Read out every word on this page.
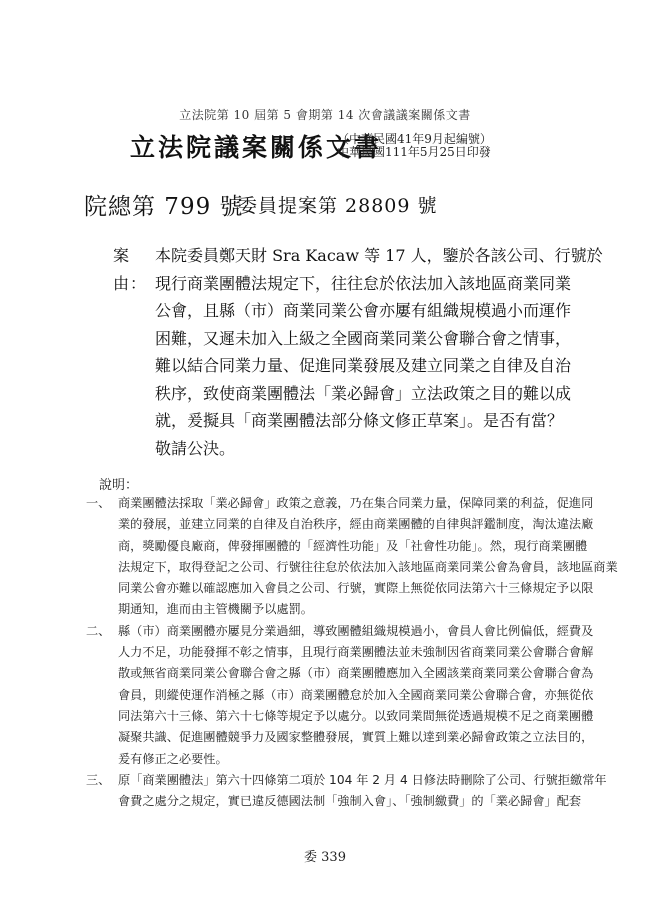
立法院第 10 屆第 5 會期第 14 次會議議案關係文書
立法院議案關係文書
（中華民國41年9月起編號）
中華民國111年5月25日印發
院總第 799 號
委員提案第 28809 號
案由：
本院委員鄭天財 Sra Kacaw 等 17 人，鑒於各該公司、行號於
現行商業團體法規定下，往往怠於依法加入該地區商業同業
公會，且縣（市）商業同業公會亦屢有組織規模過小而運作
困難，又遲未加入上級之全國商業同業公會聯合會之情事，
難以結合同業力量、促進同業發展及建立同業之自律及自治
秩序，致使商業團體法「業必歸會」立法政策之目的難以成
就，爰擬具「商業團體法部分條文修正草案」。是否有當？
敬請公決。
說明：
一、 商業團體法採取「業必歸會」政策之意義，乃在集合同業力量，保障同業的利益，促進同
業的發展，並建立同業的自律及自治秩序，經由商業團體的自律與評鑑制度，淘汰違法廠
商，獎勵優良廠商，俾發揮團體的「經濟性功能」及「社會性功能」。然，現行商業團體
法規定下，取得登記之公司、行號往往怠於依法加入該地區商業同業公會為會員，該地區商業
同業公會亦難以確認應加入會員之公司、行號，實際上無從依同法第六十三條規定予以限
期通知，進而由主管機關予以處罰。
二、 縣（市）商業團體亦屢見分業過細，導致團體組織規模過小，會員人會比例偏低，經費及
人力不足，功能發揮不彰之情事，且現行商業團體法並未強制因省商業同業公會聯合會解
散或無省商業同業公會聯合會之縣（市）商業團體應加入全國該業商業同業公會聯合會為
會員，則縱使運作消極之縣（市）商業團體怠於加入全國商業同業公會聯合會，亦無從依
同法第六十三條、第六十七條等規定予以處分。以致同業間無從透過規模不足之商業團體
凝聚共識、促進團體競爭力及國家整體發展，實質上難以達到業必歸會政策之立法目的，
爰有修正之必要性。
三、 原「商業團體法」第六十四條第二項於 104 年 2 月 4 日修法時刪除了公司、行號拒繳常年
會費之處分之規定，實已違反德國法制「強制入會」、「強制繳費」的「業必歸會」配套
委 339
